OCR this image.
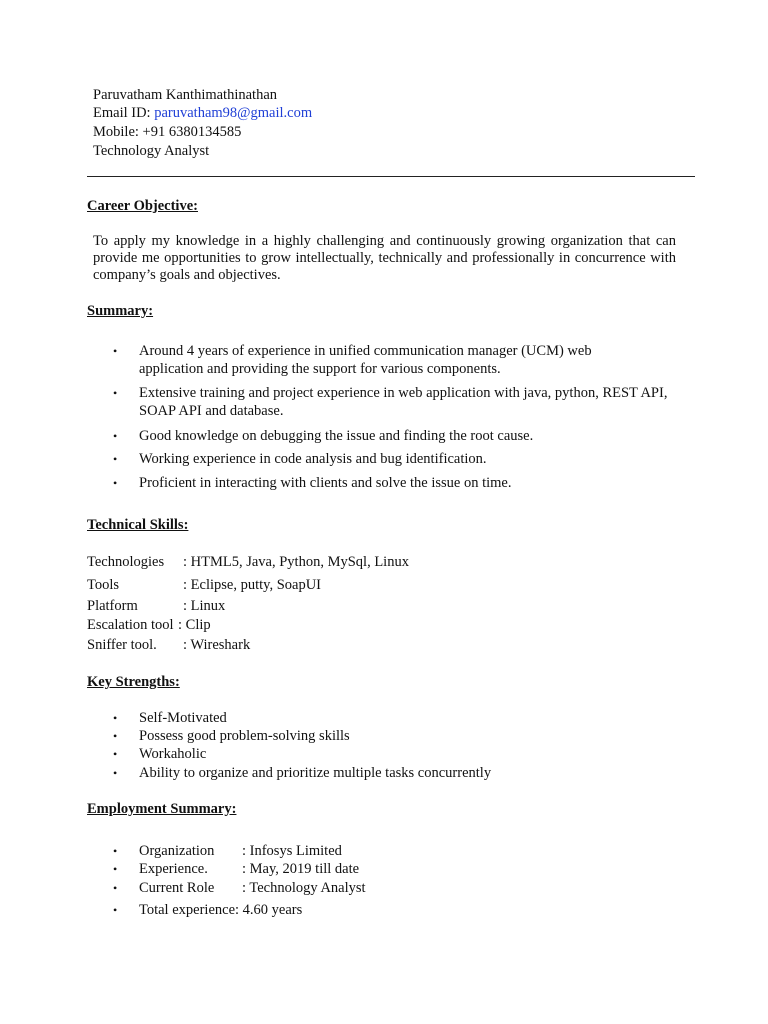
Paruvatham Kanthimathinathan
Email ID: paruvatham98@gmail.com
Mobile: +91 6380134585
Technology Analyst
Career Objective:
To apply my knowledge in a highly challenging and continuously growing organization that can provide me opportunities to grow intellectually, technically and professionally in concurrence with company’s goals and objectives.
Summary:
• Around 4 years of experience in unified communication manager (UCM) web application and providing the support for various components.
• Extensive training and project experience in web application with java, python, REST API, SOAP API and database.
• Good knowledge on debugging the issue and finding the root cause.
• Working experience in code analysis and bug identification.
• Proficient in interacting with clients and solve the issue on time.
Technical Skills:
Technologies : HTML5, Java, Python, MySql, Linux
Tools	: Eclipse, putty, SoapUI
Platform	: Linux
Escalation tool : Clip
Sniffer tool. : Wireshark
Key Strengths:
• Self-Motivated
• Possess good problem-solving skills
• Workaholic
• Ability to organize and prioritize multiple tasks concurrently
Employment Summary:
• Organization : Infosys Limited
• Experience. : May, 2019 till date
• Current Role : Technology Analyst
• Total experience: 4.60 years
